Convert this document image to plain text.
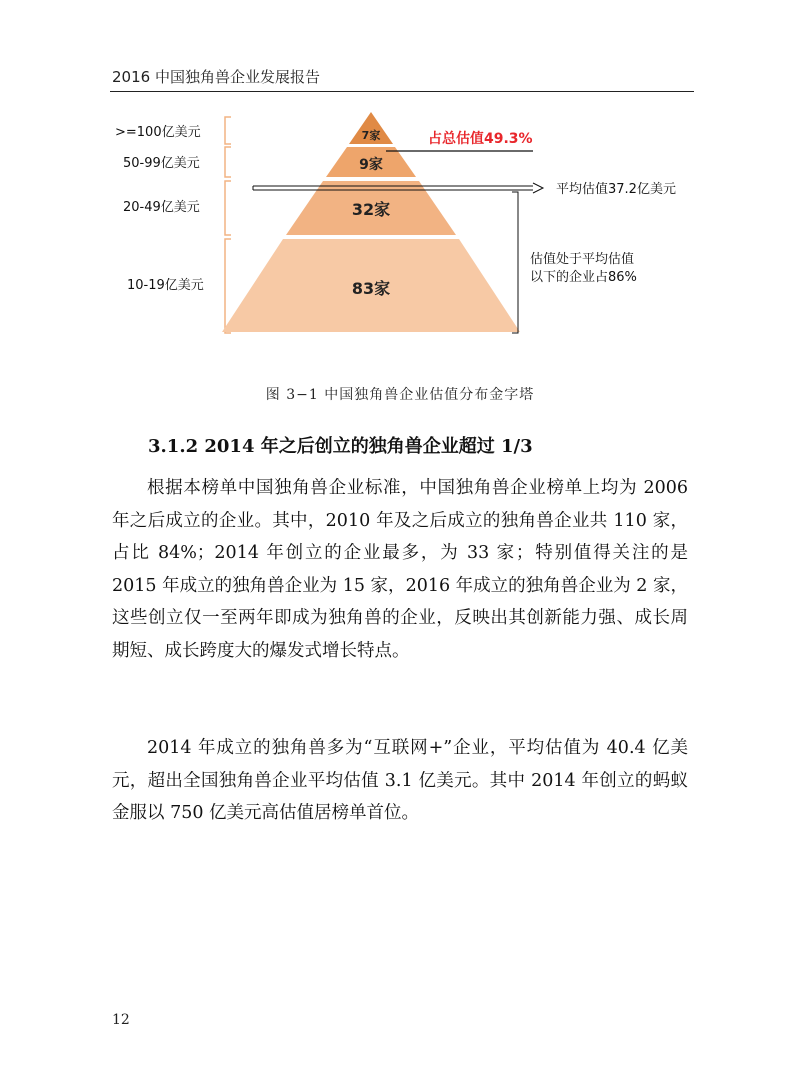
2016 中国独角兽企业发展报告
>=100亿美元
50-99亿美元
20-49亿美元
10-19亿美元
7家
9家
32家
83家
占总估值49.3%
平均估值37.2亿美元
估值处于平均估值
以下的企业占86%
图 3−1 中国独角兽企业估值分布金字塔
3.1.2 2014 年之后创立的独角兽企业超过 1/3

根据本榜单中国独角兽企业标准，中国独角兽企业榜单上均为 2006 年之后成立的企业。其中，2010 年及之后成立的独角兽企业共 110 家，占比 84%；2014 年创立的企业最多，为 33 家；特别值得关注的是 2015 年成立的独角兽企业为 15 家，2016 年成立的独角兽企业为 2 家，这些创立仅一至两年即成为独角兽的企业，反映出其创新能力强、成长周期短、成长跨度大的爆发式增长特点。

2014 年成立的独角兽多为“互联网+”企业，平均估值为 40.4 亿美元，超出全国独角兽企业平均估值 3.1 亿美元。其中 2014 年创立的蚂蚁金服以 750 亿美元高估值居榜单首位。

12
